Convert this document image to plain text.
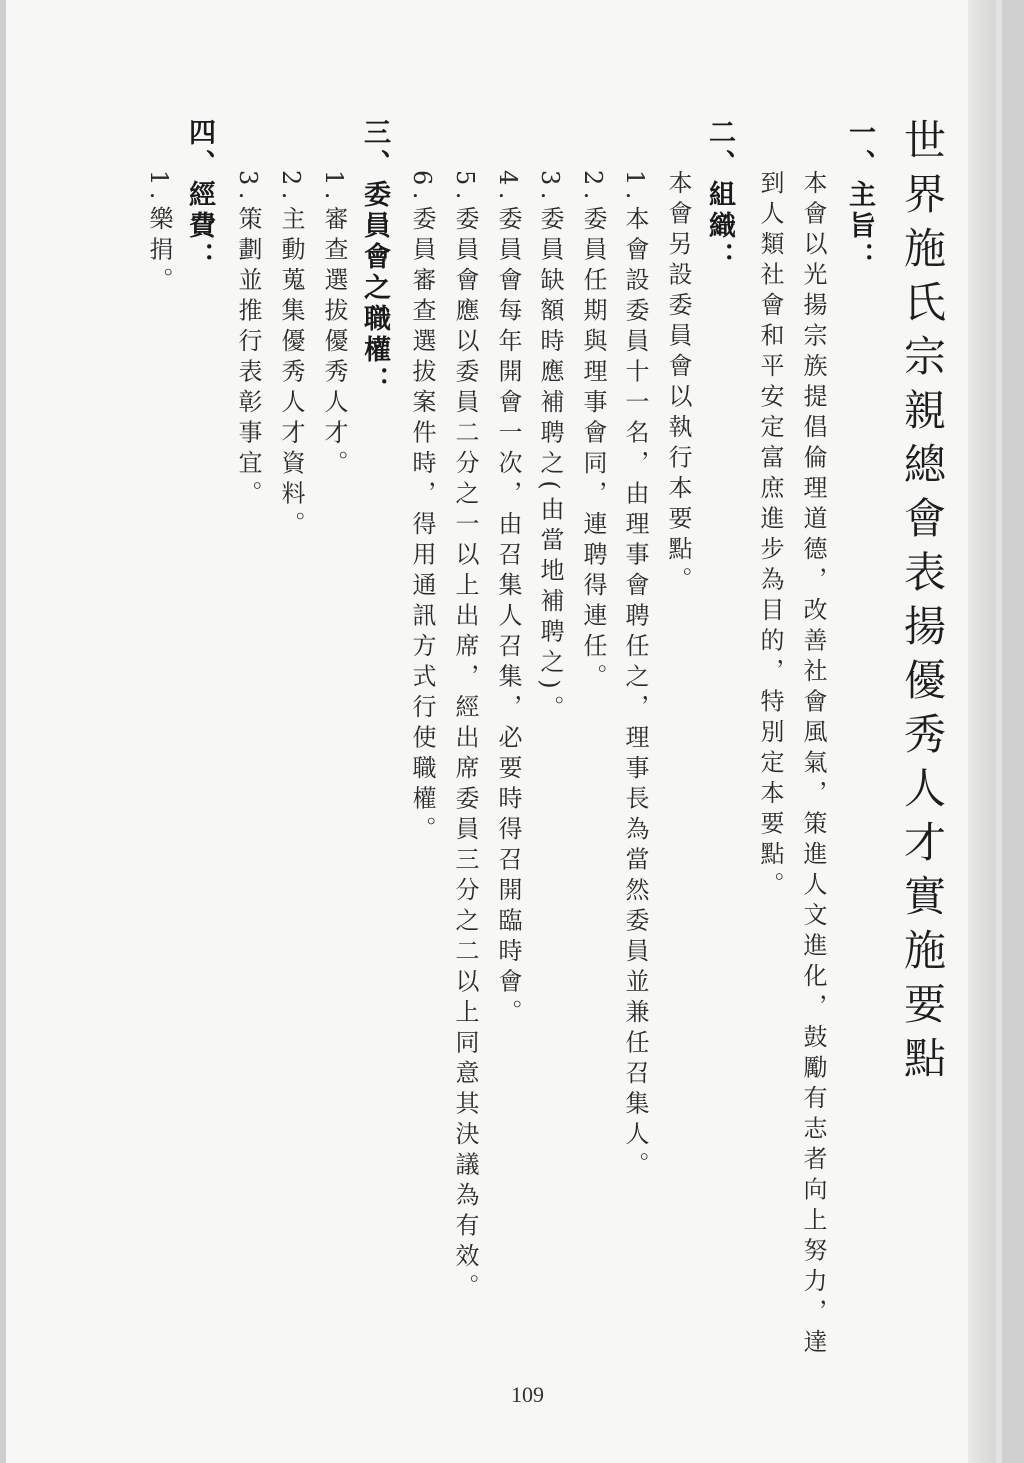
世界施氏宗親總會表揚優秀人才實施要點
一、主旨：
本會以光揚宗族提倡倫理道德，改善社會風氣，策進人文進化，鼓勵有志者向上努力，達
到人類社會和平安定富庶進步為目的，特別定本要點。
二、組織：
本會另設委員會以執行本要點。
1.本會設委員十一名，由理事會聘任之，理事長為當然委員並兼任召集人。
2.委員任期與理事會同，連聘得連任。
3.委員缺額時應補聘之(由當地補聘之)。
4.委員會每年開會一次，由召集人召集，必要時得召開臨時會。
5.委員會應以委員二分之一以上出席，經出席委員三分之二以上同意其決議為有效。
6.委員審查選拔案件時，得用通訊方式行使職權。
三、委員會之職權：
1.審查選拔優秀人才。
2.主動蒐集優秀人才資料。
3.策劃並推行表彰事宜。
四、經費：
1.樂捐。
109
